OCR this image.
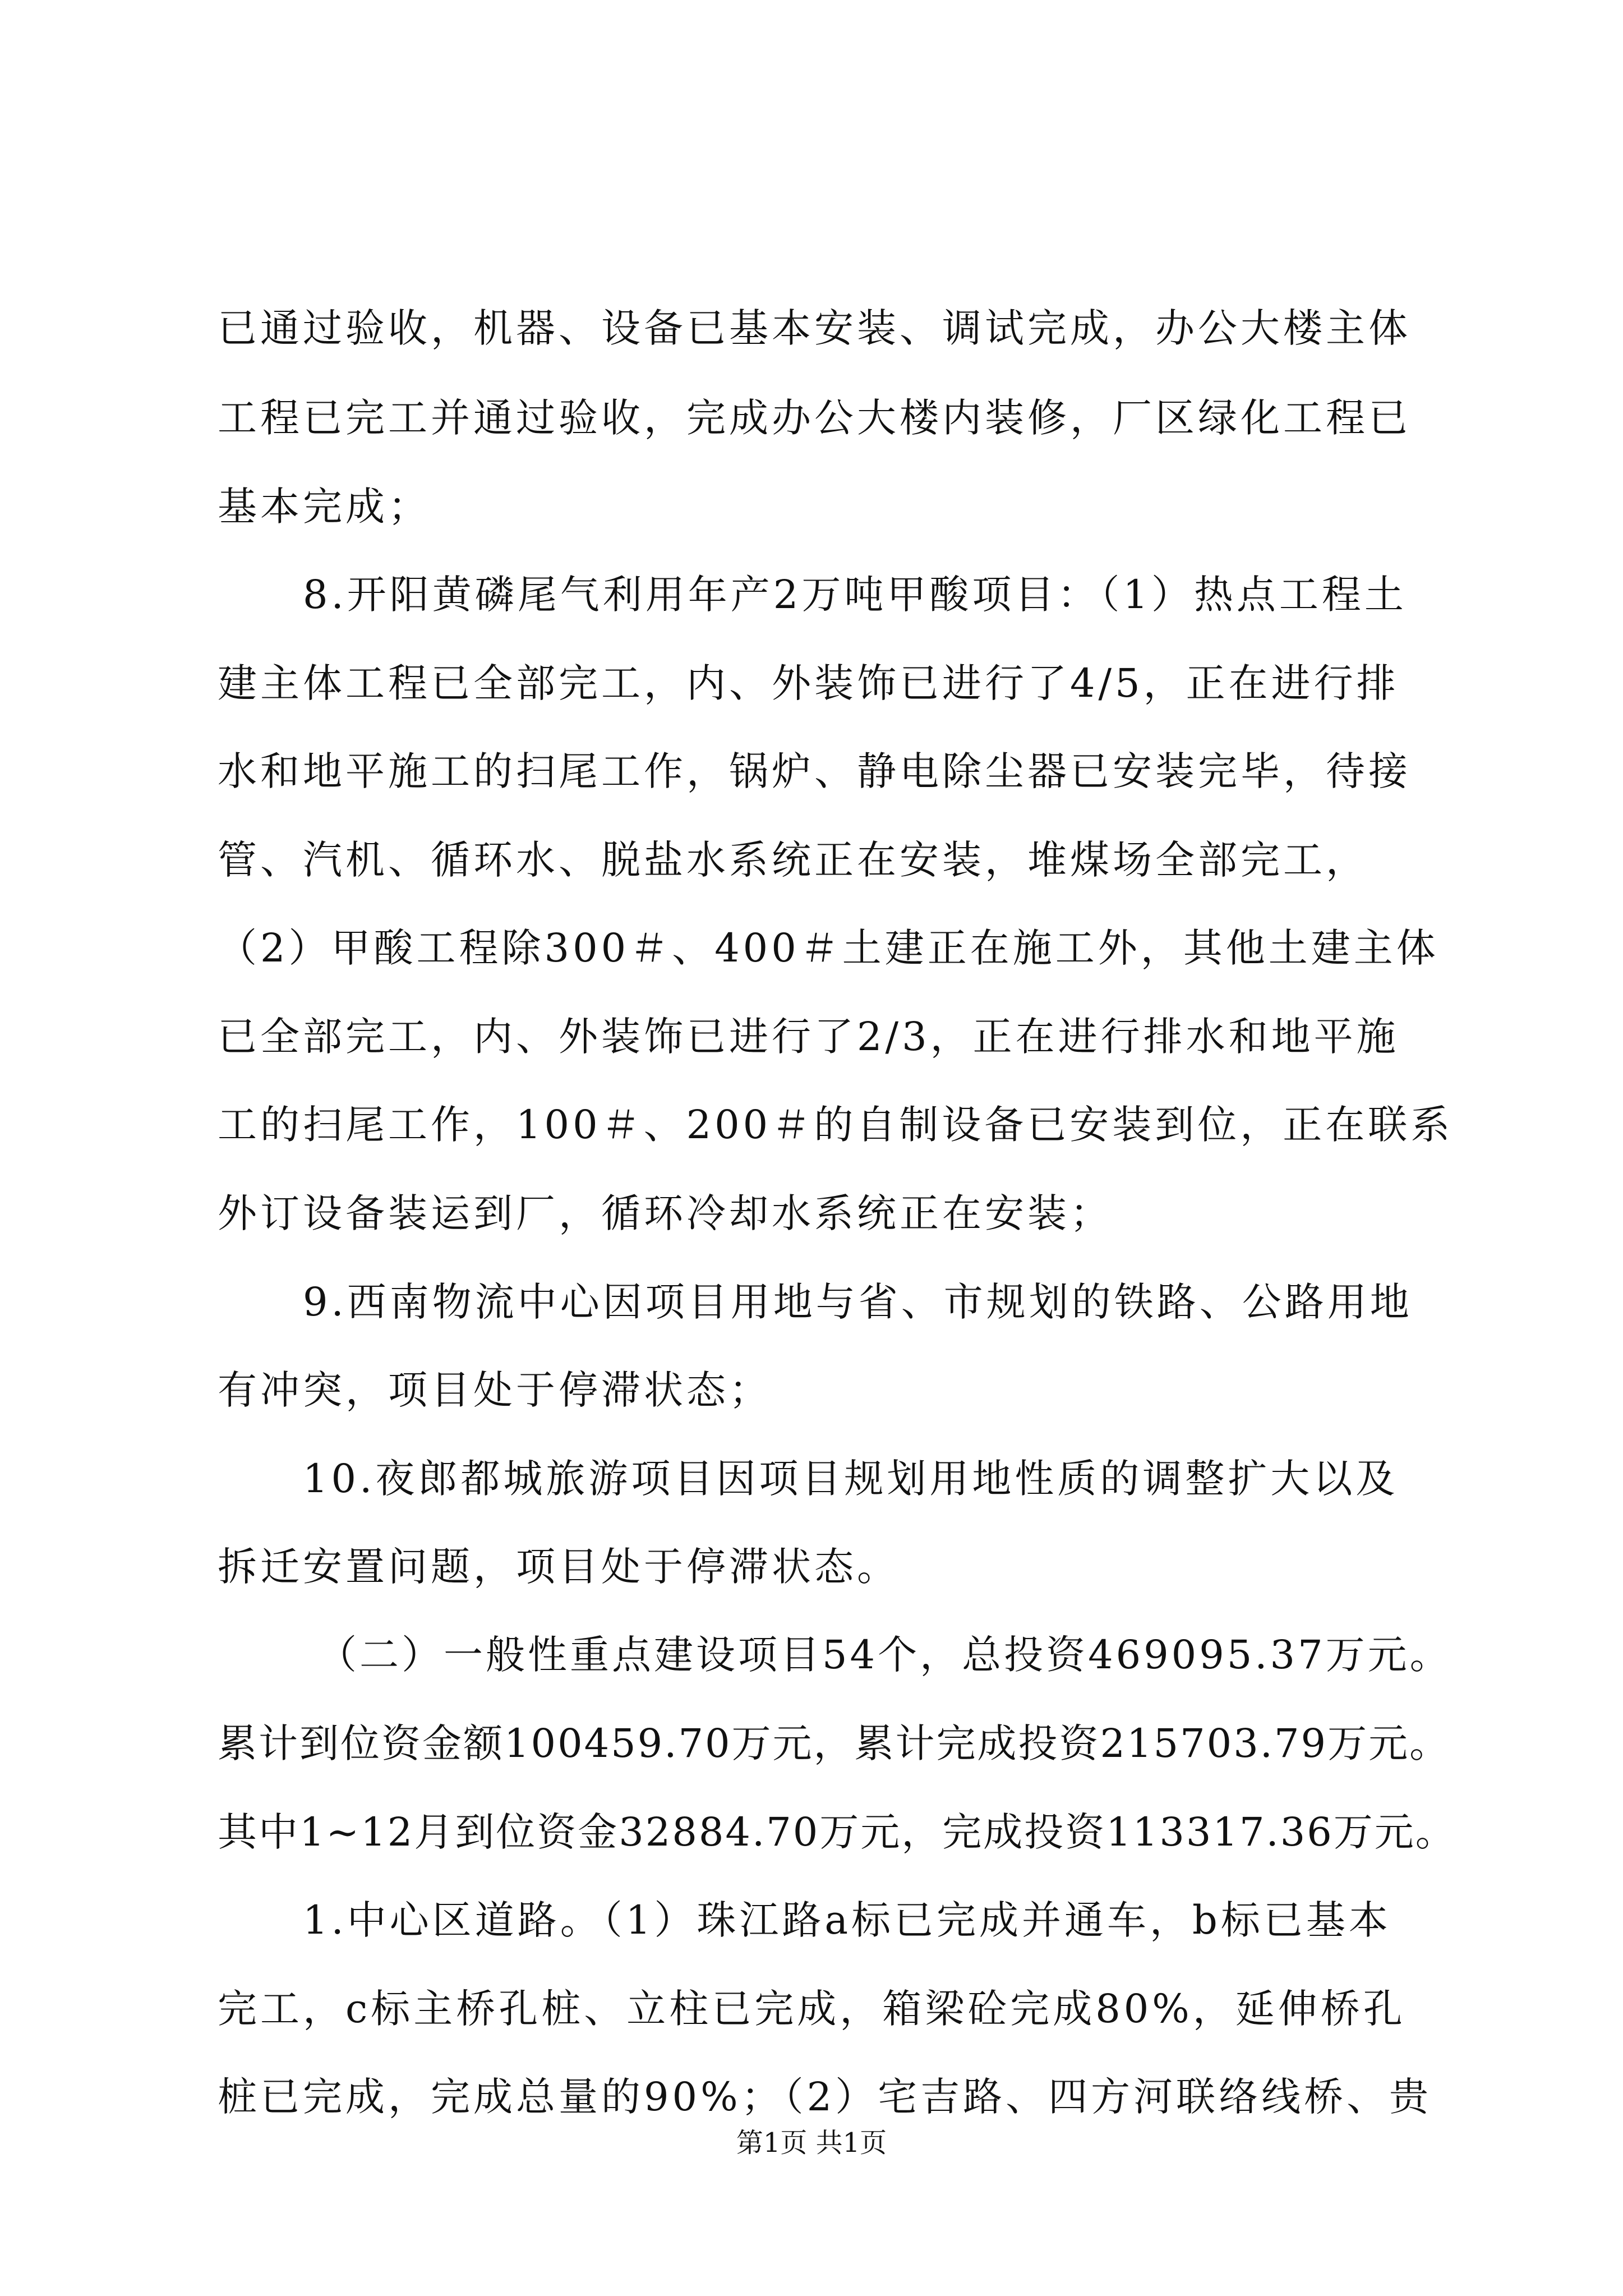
已通过验收，机器、设备已基本安装、调试完成，办公大楼主体
工程已完工并通过验收，完成办公大楼内装修，厂区绿化工程已
基本完成；
8.开阳黄磷尾气利用年产2万吨甲酸项目：（1）热点工程土
建主体工程已全部完工，内、外装饰已进行了4/5，正在进行排
水和地平施工的扫尾工作，锅炉、静电除尘器已安装完毕，待接
管、汽机、循环水、脱盐水系统正在安装，堆煤场全部完工，
（2）甲酸工程除300＃、400＃土建正在施工外，其他土建主体
已全部完工，内、外装饰已进行了2/3，正在进行排水和地平施
工的扫尾工作，100＃、200＃的自制设备已安装到位，正在联系
外订设备装运到厂，循环冷却水系统正在安装；
9.西南物流中心因项目用地与省、市规划的铁路、公路用地
有冲突，项目处于停滞状态；
10.夜郎都城旅游项目因项目规划用地性质的调整扩大以及
拆迁安置问题，项目处于停滞状态。
（二）一般性重点建设项目54个，总投资469095.37万元。
累计到位资金额100459.70万元，累计完成投资215703.79万元。
其中1~12月到位资金32884.70万元，完成投资113317.36万元。
1.中心区道路。（1）珠江路a标已完成并通车，b标已基本
完工，c标主桥孔桩、立柱已完成，箱梁砼完成80%，延伸桥孔
桩已完成，完成总量的90%；（2）宅吉路、四方河联络线桥、贵
第1页 共1页
